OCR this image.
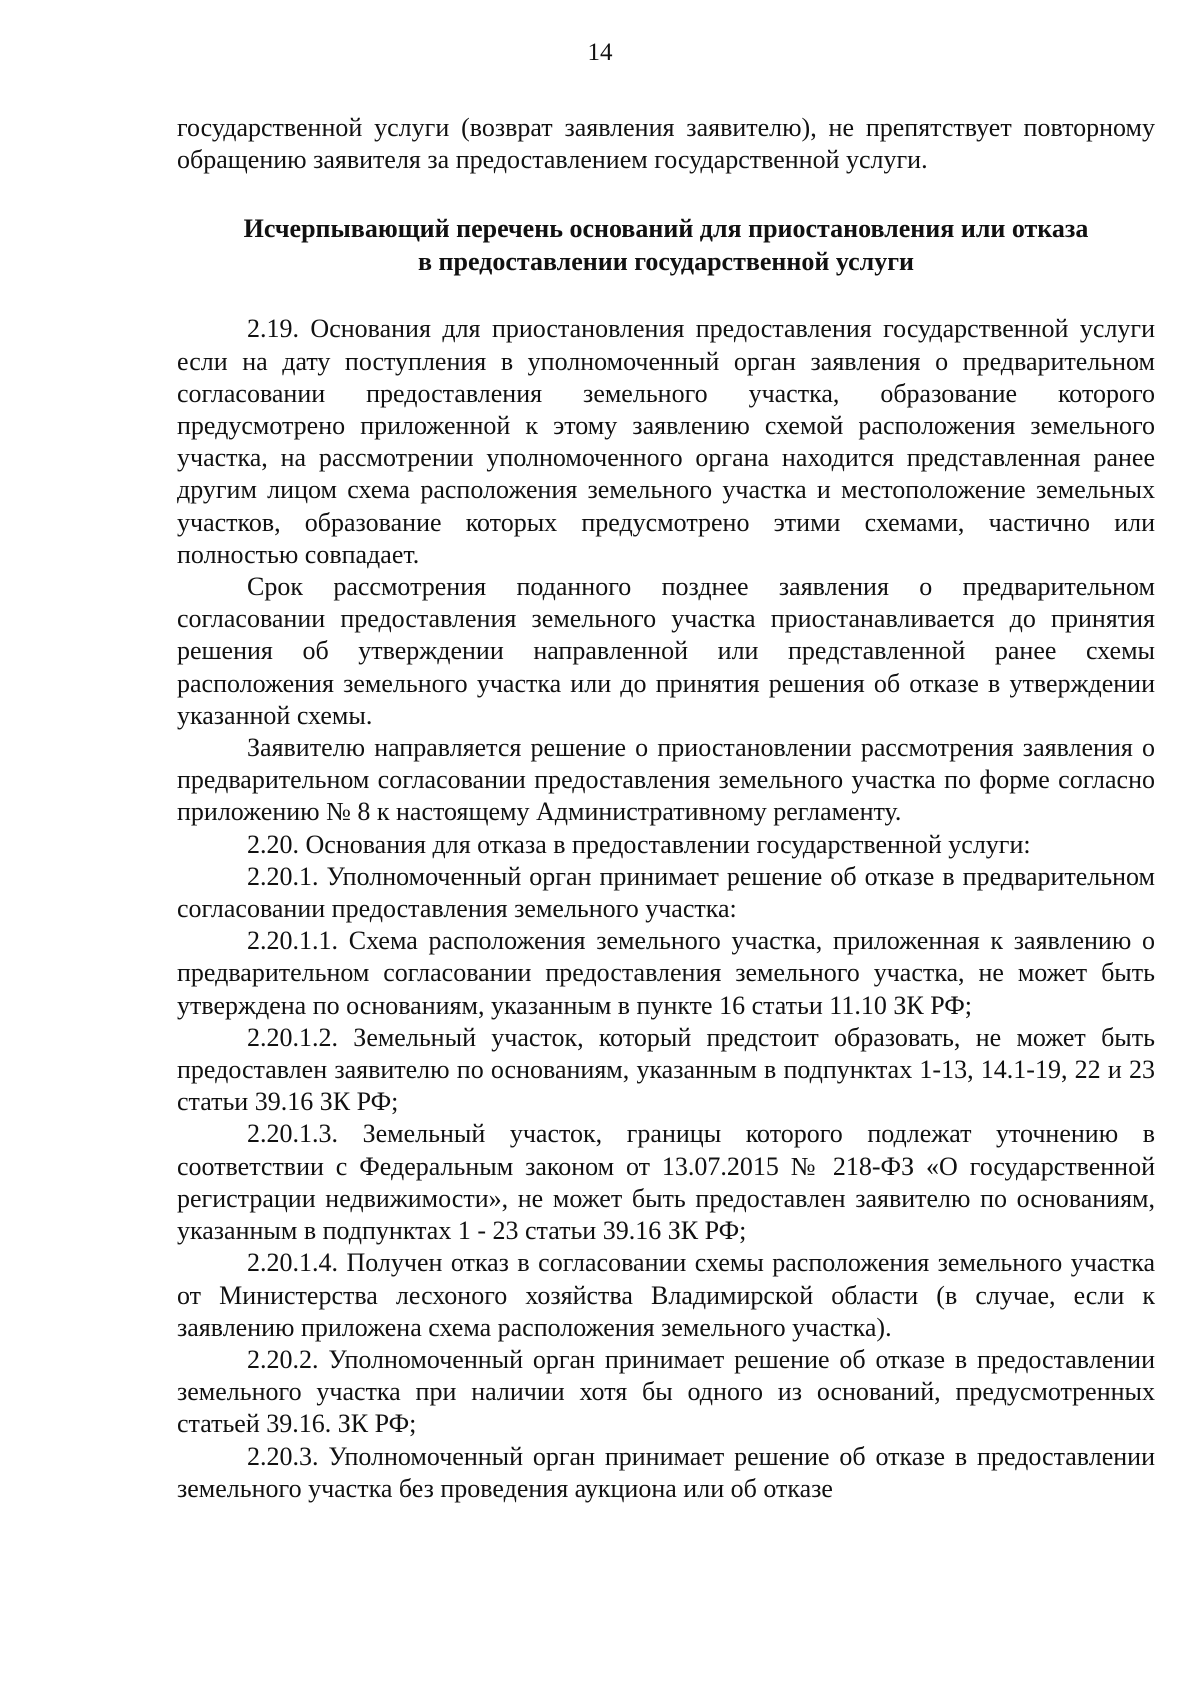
14

государственной услуги (возврат заявления заявителю), не препятствует повторному обращению заявителя за предоставлением государственной услуги.

Исчерпывающий перечень оснований для приостановления или отказа
в предоставлении государственной услуги

2.19. Основания для приостановления предоставления государственной услуги если на дату поступления в уполномоченный орган заявления о предварительном согласовании предоставления земельного участка, образование которого предусмотрено приложенной к этому заявлению схемой расположения земельного участка, на рассмотрении уполномоченного органа находится представленная ранее другим лицом схема расположения земельного участка и местоположение земельных участков, образование которых предусмотрено этими схемами, частично или полностью совпадает.

Срок рассмотрения поданного позднее заявления о предварительном согласовании предоставления земельного участка приостанавливается до принятия решения об утверждении направленной или представленной ранее схемы расположения земельного участка или до принятия решения об отказе в утверждении указанной схемы.

Заявителю направляется решение о приостановлении рассмотрения заявления о предварительном согласовании предоставления земельного участка по форме согласно приложению № 8 к настоящему Административному регламенту.

2.20. Основания для отказа в предоставлении государственной услуги:

2.20.1. Уполномоченный орган принимает решение об отказе в предварительном согласовании предоставления земельного участка:

2.20.1.1. Схема расположения земельного участка, приложенная к заявлению о предварительном согласовании предоставления земельного участка, не может быть утверждена по основаниям, указанным в пункте 16 статьи 11.10 ЗК РФ;

2.20.1.2. Земельный участок, который предстоит образовать, не может быть предоставлен заявителю по основаниям, указанным в подпунктах 1-13, 14.1-19, 22 и 23 статьи 39.16 ЗК РФ;

2.20.1.3. Земельный участок, границы которого подлежат уточнению в соответствии с Федеральным законом от 13.07.2015 № 218-ФЗ «О государственной регистрации недвижимости», не может быть предоставлен заявителю по основаниям, указанным в подпунктах 1 - 23 статьи 39.16 ЗК РФ;

2.20.1.4. Получен отказ в согласовании схемы расположения земельного участка от Министерства лесхоного хозяйства Владимирской области (в случае, если к заявлению приложена схема расположения земельного участка).

2.20.2. Уполномоченный орган принимает решение об отказе в предоставлении земельного участка при наличии хотя бы одного из оснований, предусмотренных статьей 39.16. ЗК РФ;

2.20.3. Уполномоченный орган принимает решение об отказе в предоставлении земельного участка без проведения аукциона или об отказе
